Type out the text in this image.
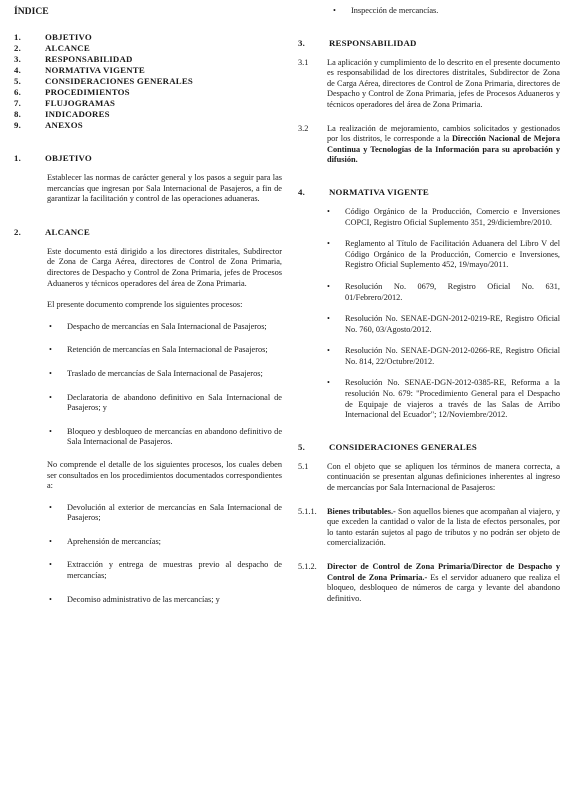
ÍNDICE

1.	OBJETIVO
2.	ALCANCE
3.	RESPONSABILIDAD
4.	NORMATIVA VIGENTE
5.	CONSIDERACIONES GENERALES
6.	PROCEDIMIENTOS
7.	FLUJOGRAMAS
8.	INDICADORES
9.	ANEXOS
1.	OBJETIVO

Establecer las normas de carácter general y los pasos a seguir para las mercancías que ingresan por Sala Internacional de Pasajeros, a fin de garantizar la facilitación y control de las operaciones aduaneras.

2.	ALCANCE

Este documento está dirigido a los directores distritales, Subdirector de Zona de Carga Aérea, directores de Control de Zona Primaria, directores de Despacho y Control de Zona Primaria, jefes de Procesos Aduaneros y técnicos operadores del área de Zona Primaria.

El presente documento comprende los siguientes procesos:

•	Despacho de mercancías en Sala Internacional de Pasajeros;
•	Retención de mercancías en Sala Internacional de Pasajeros;
•	Traslado de mercancías de Sala Internacional de Pasajeros;
•	Declaratoria de abandono definitivo en Sala Internacional de Pasajeros; y
•	Bloqueo y desbloqueo de mercancías en abandono definitivo de Sala Internacional de Pasajeros.

No comprende el detalle de los siguientes procesos, los cuales deben ser consultados en los procedimientos documentados correspondientes a:

•	Devolución al exterior de mercancías en Sala Internacional de Pasajeros;
•	Aprehensión de mercancías;
•	Extracción y entrega de muestras previo al despacho de mercancías;
•	Decomiso administrativo de las mercancías; y
•	Inspección de mercancías.
3.	RESPONSABILIDAD
3.1	La aplicación y cumplimiento de lo descrito en el presente documento es responsabilidad de los directores distritales, Subdirector de Zona de Carga Aérea, directores de Control de Zona Primaria, directores de Despacho y Control de Zona Primaria, jefes de Procesos Aduaneros y técnicos operadores del área de Zona Primaria.
3.2	La realización de mejoramiento, cambios solicitados y gestionados por los distritos, le corresponde a la Dirección Nacional de Mejora Continua y Tecnologías de la Información para su aprobación y difusión.
4.	NORMATIVA VIGENTE
•	Código Orgánico de la Producción, Comercio e Inversiones COPCI, Registro Oficial Suplemento 351, 29/diciembre/2010.
•	Reglamento al Título de Facilitación Aduanera del Libro V del Código Orgánico de la Producción, Comercio e Inversiones, Registro Oficial Suplemento 452, 19/mayo/2011.
•	Resolución No. 0679, Registro Oficial No. 631, 01/Febrero/2012.
•	Resolución No. SENAE-DGN-2012-0219-RE, Registro Oficial No. 760, 03/Agosto/2012.
•	Resolución No. SENAE-DGN-2012-0266-RE, Registro Oficial No. 814, 22/Octubre/2012.
•	Resolución No. SENAE-DGN-2012-0385-RE, Reforma a la resolución No. 679: "Procedimiento General para el Despacho de Equipaje de viajeros a través de las Salas de Arribo Internacional del Ecuador"; 12/Noviembre/2012.
5.	CONSIDERACIONES GENERALES
5.1	Con el objeto que se apliquen los términos de manera correcta, a continuación se presentan algunas definiciones inherentes al ingreso de mercancías por Sala Internacional de Pasajeros:
5.1.1.	Bienes tributables.- Son aquellos bienes que acompañan al viajero, y que exceden la cantidad o valor de la lista de efectos personales, por lo tanto estarán sujetos al pago de tributos y no podrán ser objeto de comercialización.
5.1.2.	Director de Control de Zona Primaria/Director de Despacho y Control de Zona Primaria.- Es el servidor aduanero que realiza el bloqueo, desbloqueo de números de carga y levante del abandono definitivo.
